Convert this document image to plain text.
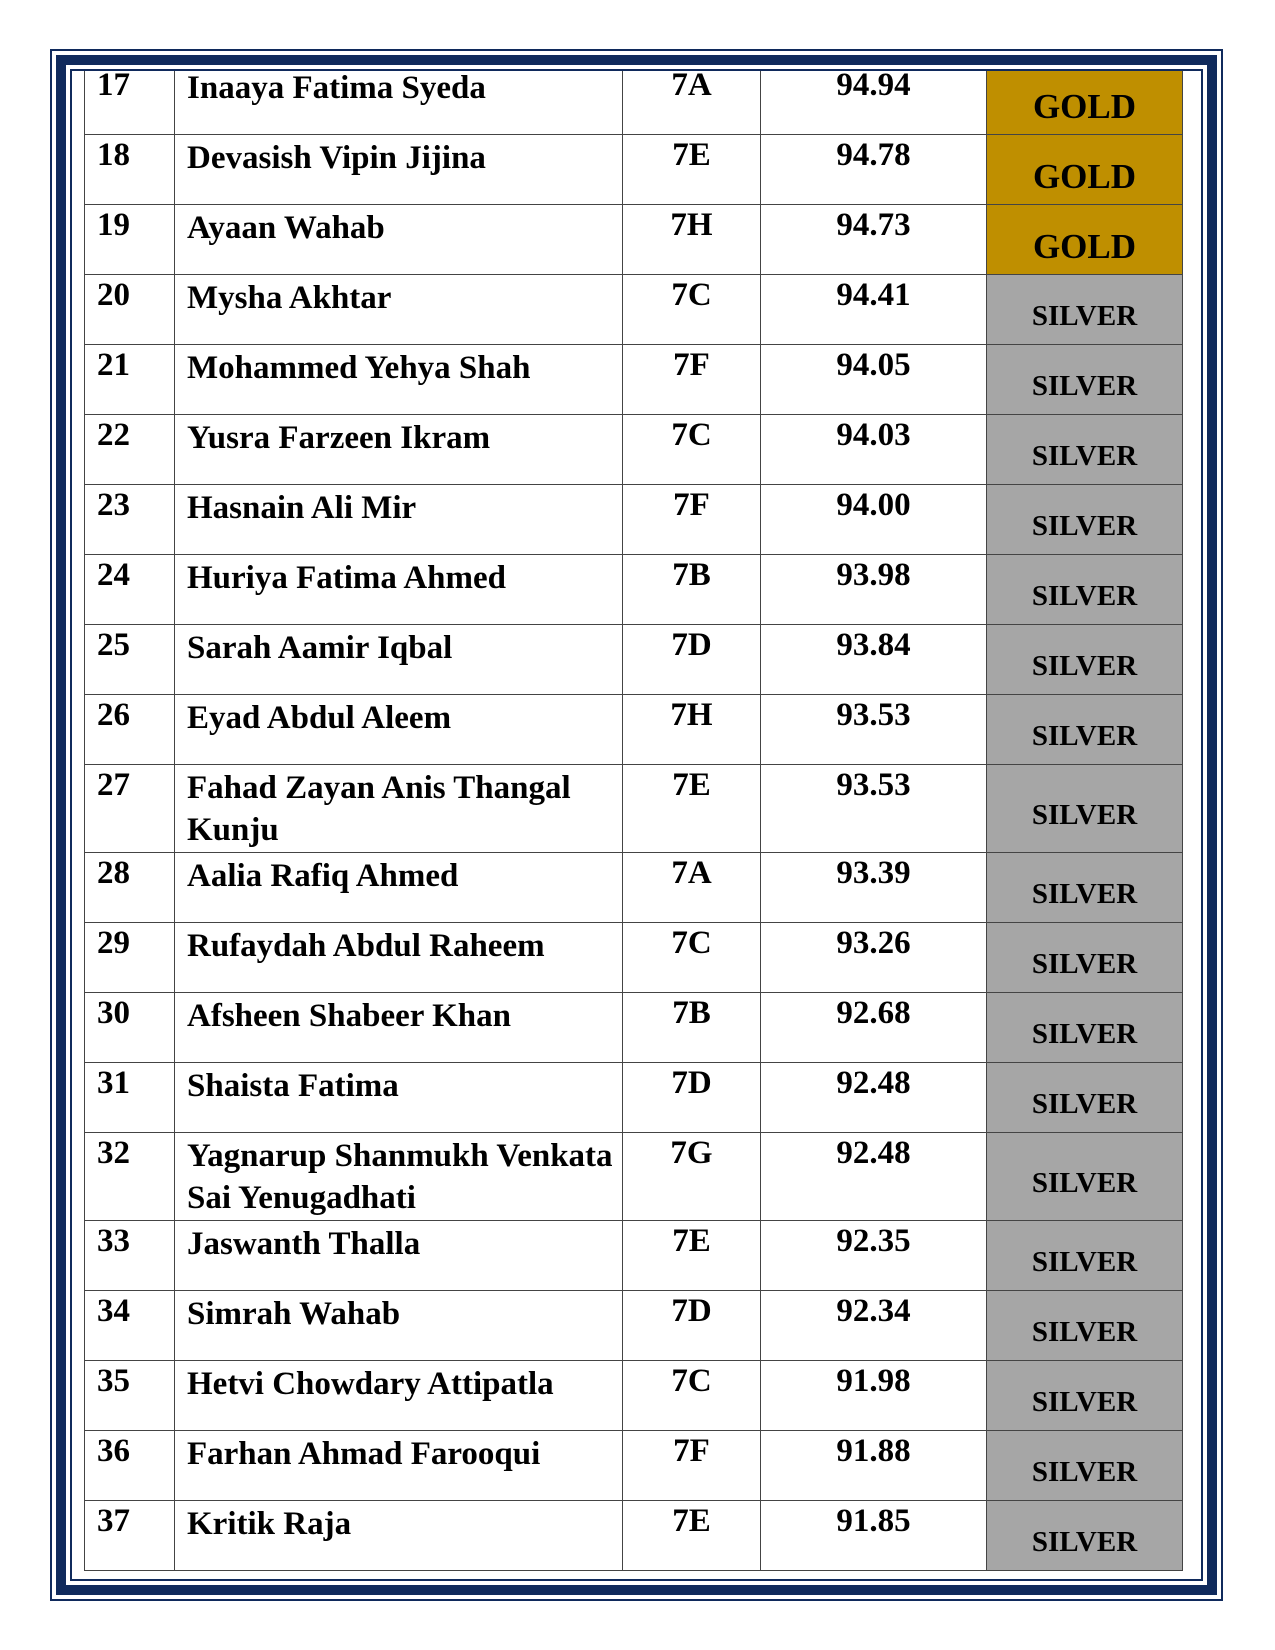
17	Inaaya Fatima Syeda	7A	94.94	GOLD
18	Devasish Vipin Jijina	7E	94.78	GOLD
19	Ayaan Wahab	7H	94.73	GOLD
20	Mysha Akhtar	7C	94.41	SILVER
21	Mohammed Yehya Shah	7F	94.05	SILVER
22	Yusra Farzeen Ikram	7C	94.03	SILVER
23	Hasnain Ali Mir	7F	94.00	SILVER
24	Huriya Fatima Ahmed	7B	93.98	SILVER
25	Sarah Aamir Iqbal	7D	93.84	SILVER
26	Eyad Abdul Aleem	7H	93.53	SILVER
27	Fahad Zayan Anis Thangal Kunju	7E	93.53	SILVER
28	Aalia Rafiq Ahmed	7A	93.39	SILVER
29	Rufaydah Abdul Raheem	7C	93.26	SILVER
30	Afsheen Shabeer Khan	7B	92.68	SILVER
31	Shaista Fatima	7D	92.48	SILVER
32	Yagnarup Shanmukh Venkata Sai Yenugadhati	7G	92.48	SILVER
33	Jaswanth Thalla	7E	92.35	SILVER
34	Simrah Wahab	7D	92.34	SILVER
35	Hetvi Chowdary Attipatla	7C	91.98	SILVER
36	Farhan Ahmad Farooqui	7F	91.88	SILVER
37	Kritik Raja	7E	91.85	SILVER
